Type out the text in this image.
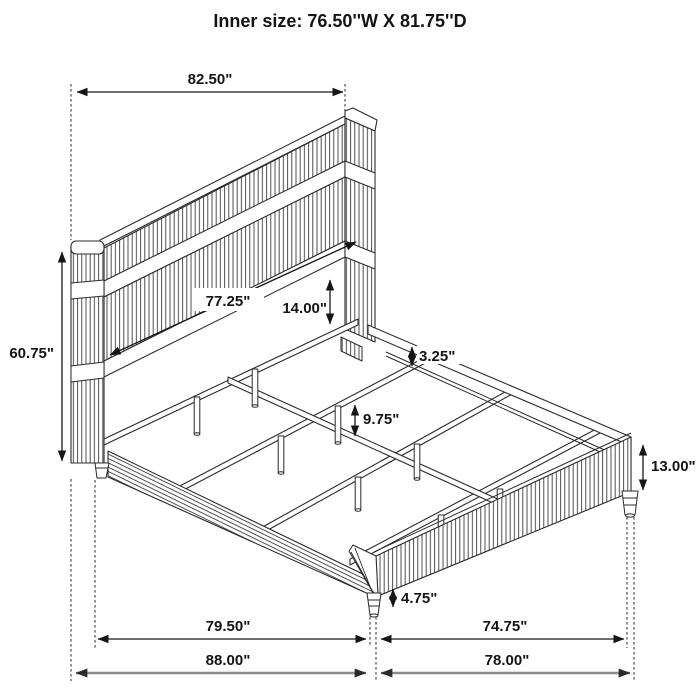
Inner size: 76.50''W X 81.75''D
82.50"
60.75"
77.25" 14.00"
3.25"
9.75"
13.00"
4.75"
79.50"	74.75"
88.00"	78.00"
